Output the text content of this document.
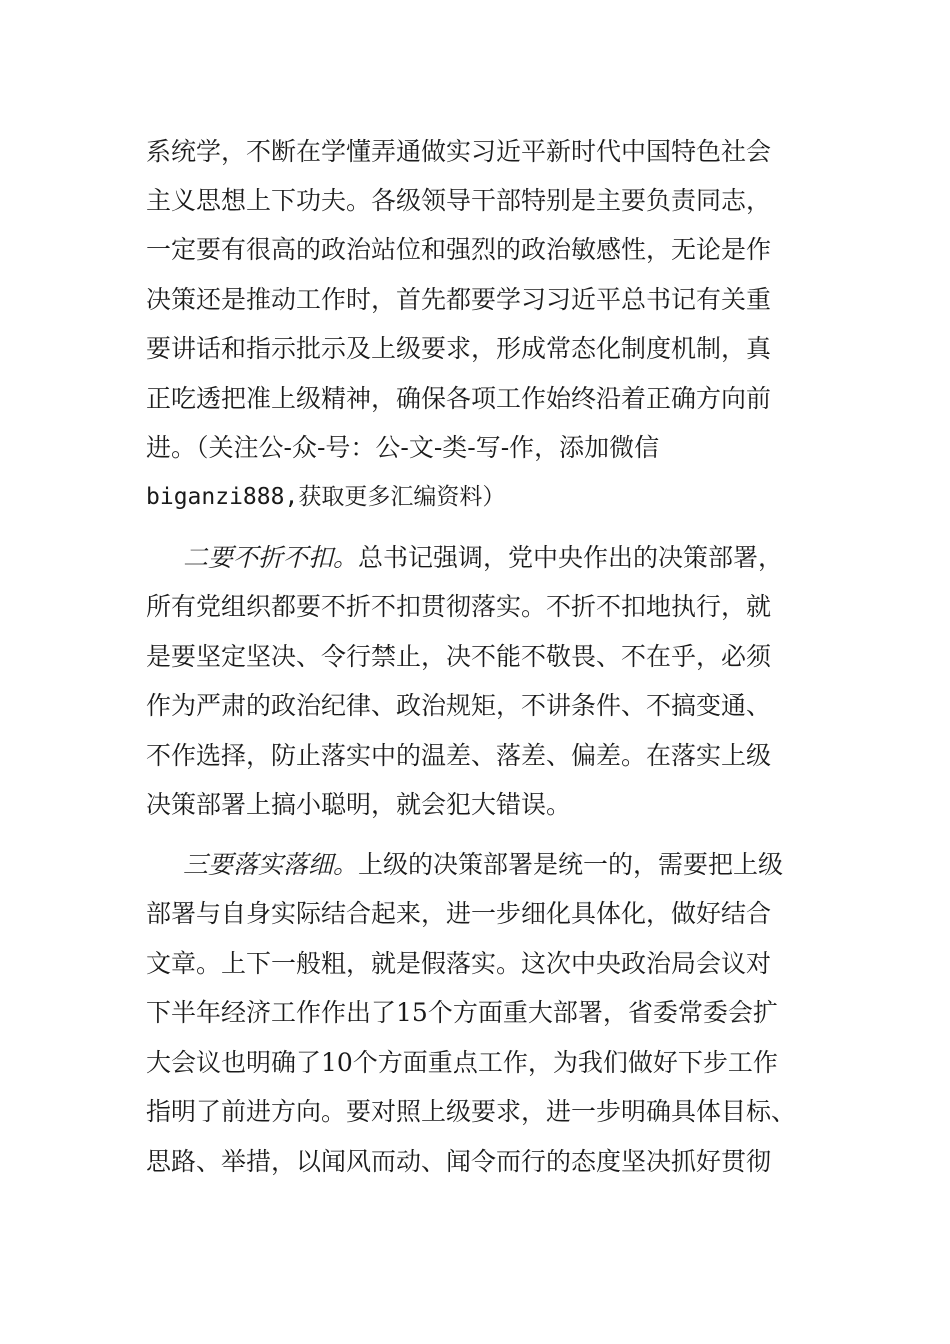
系统学，不断在学懂弄通做实习近平新时代中国特色社会
主义思想上下功夫。各级领导干部特别是主要负责同志，
一定要有很高的政治站位和强烈的政治敏感性，无论是作
决策还是推动工作时，首先都要学习习近平总书记有关重
要讲话和指示批示及上级要求，形成常态化制度机制，真
正吃透把准上级精神，确保各项工作始终沿着正确方向前
进。（关注公-众-号：公-文-类-写-作，添加微信
biganzi888,获取更多汇编资料）
二要不折不扣。总书记强调，党中央作出的决策部署，
所有党组织都要不折不扣贯彻落实。不折不扣地执行，就
是要坚定坚决、令行禁止，决不能不敬畏、不在乎，必须
作为严肃的政治纪律、政治规矩，不讲条件、不搞变通、
不作选择，防止落实中的温差、落差、偏差。在落实上级
决策部署上搞小聪明，就会犯大错误。
三要落实落细。上级的决策部署是统一的，需要把上级
部署与自身实际结合起来，进一步细化具体化，做好结合
文章。上下一般粗，就是假落实。这次中央政治局会议对
下半年经济工作作出了15个方面重大部署，省委常委会扩
大会议也明确了10个方面重点工作，为我们做好下步工作
指明了前进方向。要对照上级要求，进一步明确具体目标、
思路、举措，以闻风而动、闻令而行的态度坚决抓好贯彻
